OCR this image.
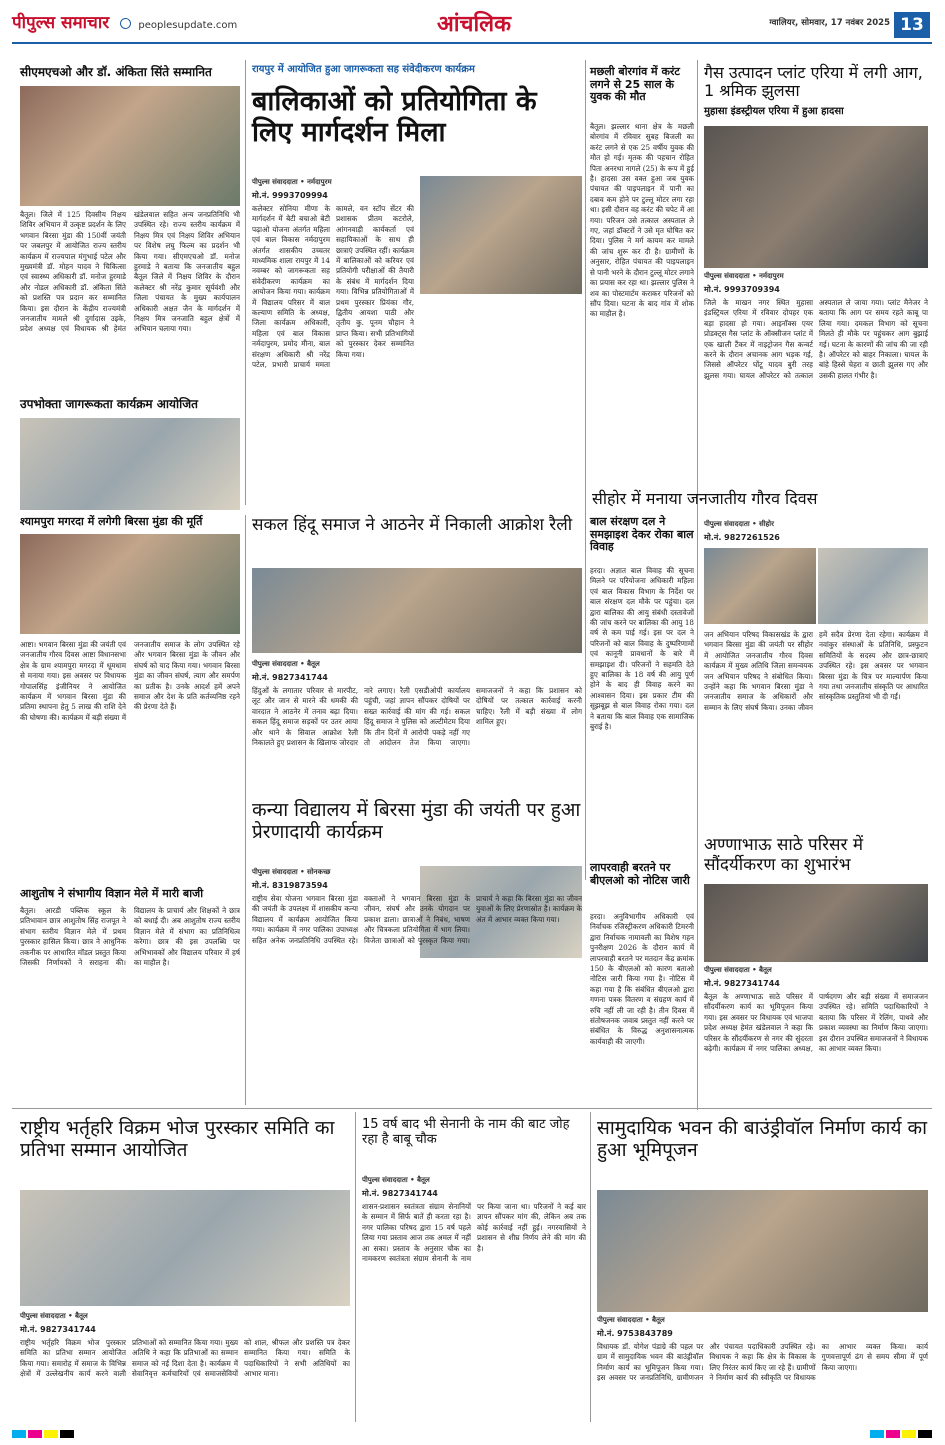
पीपुल्स समाचार	peoplesupdate.com	आंचलिक	ग्वालियर, सोमवार, 17 नवंबर 2025 13
सीएमएचओ और डॉ. अंकिता सिंते सम्मानित
बैतूल। जिले में 125 दिवसीय निक्षय शिविर अभियान में उत्कृष्ट प्रदर्शन के लिए भगवान बिरसा मुंडा की 150वीं जयंती पर जबलपुर में आयोजित राज्य स्तरीय कार्यक्रम में राज्यपाल मंगुभाई पटेल और मुख्यमंत्री डॉ. मोहन यादव ने चिकित्सा एवं स्वास्थ्य अधिकारी डॉ. मनोज हुरमाडे और नोडल अधिकारी डॉ. अंकिता सिंते को प्रशस्ति पत्र प्रदान कर सम्मानित किया। इस दौरान के केंद्रीय राज्यमंत्री जनजातीय मामले श्री दुर्गादास उइके, प्रदेश अध्यक्ष एवं विधायक श्री हेमंत खंडेलवाल सहित अन्य जनप्रतिनिधि भी उपस्थित रहे। राज्य स्तरीय कार्यक्रम में निक्षय मित्र एवं निक्षय शिविर अभियान पर विशेष लघु फिल्म का प्रदर्शन भी किया गया। सीएमएचओ डॉ. मनोज हुरमाडे ने बताया कि जनजातीय बहुल बैतूल जिले में निक्षय शिविर के दौरान कलेक्टर श्री नरेंद्र कुमार सूर्यवंशी और जिला पंचायत के मुख्य कार्यपालन अधिकारी अक्षत जैन के मार्गदर्शन में निक्षय मित्र जनजाति बहुल क्षेत्रों में अभियान चलाया गया।
उपभोक्ता जागरूकता कार्यक्रम आयोजित
रायपुर में आयोजित हुआ जागरूकता सह संवेदीकरण कार्यक्रम
बालिकाओं को प्रतियोगिता के लिए मार्गदर्शन मिला
पीपुल्स संवाददाता • नर्मदापुरम
मो.नं. 9993709994
कलेक्टर सोनिया मीणा के मार्गदर्शन में बेटी बचाओ बेटी पढ़ाओ योजना अंतर्गत महिला एवं बाल विकास नर्मदापुरम अंतर्गत शासकीय उच्चतर माध्यमिक शाला रायपुर में 14 नवम्बर को जागरूकता सह संवेदीकरण कार्यक्रम का आयोजन किया गया। कार्यक्रम में विद्यालय परिसर में बाल कल्याण समिति के अध्यक्ष, जिला कार्यक्रम अधिकारी, महिला एवं बाल विकास नर्मदापुरम, प्रमोद मीना, बाल संरक्षण अधिकारी श्री नरेंद्र पटेल, प्रभारी प्राचार्य ममता कामले, वन स्टॉप सेंटर की प्रशासक प्रीतम कटरोले, आंगनवाड़ी कार्यकर्ता एवं सहायिकाओं के साथ ही छात्राएं उपस्थित रहीं। कार्यक्रम में बालिकाओं को करियर एवं प्रतियोगी परीक्षाओं की तैयारी के संबंध में मार्गदर्शन दिया गया। विभिन्न प्रतियोगिताओं में प्रथम पुरस्कार प्रियंका गौर, द्वितीय आयशा पाठी और तृतीय कु. पूनम चौहान ने प्राप्त किया। सभी प्रतिभागियों को पुरस्कार देकर सम्मानित किया गया।
मछली बोरगांव में करंट लगने से 25 साल के युवक की मौत
बैतूल। झल्लार थाना क्षेत्र के मछली बोरगांव में रविवार सुबह बिजली का करंट लगने से एक 25 वर्षीय युवक की मौत हो गई। मृतक की पहचान रोहित पिता अनरथा नागले (25) के रूप में हुई है। हादसा उस वक्त हुआ जब युवक पंचायत की पाइपलाइन में पानी का दबाव कम होने पर टुल्लू मोटर लगा रहा था। इसी दौरान वह करंट की चपेट में आ गया। परिजन उसे तत्काल अस्पताल ले गए, जहां डॉक्टरों ने उसे मृत घोषित कर दिया। पुलिस ने मर्ग कायम कर मामले की जांच शुरू कर दी है। ग्रामीणों के अनुसार, रोहित पंचायत की पाइपलाइन से पानी भरने के दौरान टुल्लू मोटर लगाने का प्रयास कर रहा था। झल्लार पुलिस ने शव का पोस्टमार्टम कराकर परिजनों को सौंप दिया। घटना के बाद गांव में शोक का माहौल है।
गैस उत्पादन प्लांट एरिया में लगी आग, 1 श्रमिक झुलसा
मुहासा इंडस्ट्रीयल एरिया में हुआ हादसा
पीपुल्स संवाददाता • नर्मदापुरम
मो.नं. 9993709394
जिले के माखन नगर स्थित मुहासा इंडस्ट्रियल एरिया में रविवार दोपहर एक बड़ा हादसा हो गया। आइनॉक्स एयर प्रोडक्ट्स गैस प्लांट के ऑक्सीजन प्लांट में एक खाली टैंकर में नाइट्रोजन गैस कन्वर्ट करने के दौरान अचानक आग भड़क गई, जिससे ऑपरेटर घोंटू यादव बुरी तरह झुलस गया। घायल ऑपरेटर को तत्काल अस्पताल ले जाया गया। प्लांट मैनेजर ने बताया कि आग पर समय रहते काबू पा लिया गया। दमकल विभाग को सूचना मिलते ही मौके पर पहुंचकर आग बुझाई गई। घटना के कारणों की जांच की जा रही है। ऑपरेटर को बाहर निकाला। घायल के बांहे हिस्से चेहरा व छाती झुलस गए और उसकी हालत गंभीर है।
श्यामपुरा मगरदा में लगेगी बिरसा मुंडा की मूर्ति
आष्टा। भगवान बिरसा मुंडा की जयंती एवं जनजातीय गौरव दिवस आष्टा विधानसभा क्षेत्र के ग्राम श्यामपुरा मगरदा में धूमधाम से मनाया गया। इस अवसर पर विधायक गोपालसिंह इंजीनियर ने आयोजित कार्यक्रम में भगवान बिरसा मुंडा की प्रतिमा स्थापना हेतु 5 लाख की राशि देने की घोषणा की। कार्यक्रम में बड़ी संख्या में जनजातीय समाज के लोग उपस्थित रहे और भगवान बिरसा मुंडा के जीवन और संघर्ष को याद किया गया। भगवान बिरसा मुंडा का जीवन संघर्ष, त्याग और समर्पण का प्रतीक है। उनके आदर्श हमें अपने समाज और देश के प्रति कर्तव्यनिष्ठ रहने की प्रेरणा देते हैं।
आशुतोष ने संभागीय विज्ञान मेले में मारी बाजी
बैतूल। आरडी पब्लिक स्कूल के प्रतिभावान छात्र आशुतोष सिंह राजपूत ने संभाग स्तरीय विज्ञान मेले में प्रथम पुरस्कार हासिल किया। छात्र ने आधुनिक तकनीक पर आधारित मॉडल प्रस्तुत किया जिसकी निर्णायकों ने सराहना की। विद्यालय के प्राचार्य और शिक्षकों ने छात्र को बधाई दी। अब आशुतोष राज्य स्तरीय विज्ञान मेले में संभाग का प्रतिनिधित्व करेगा। छात्र की इस उपलब्धि पर अभिभावकों और विद्यालय परिवार में हर्ष का माहौल है।
सकल हिंदू समाज ने आठनेर में निकाली आक्रोश रैली
पीपुल्स संवाददाता • बैतूल
मो.नं. 9827341744
हिंदुओं के लगातार परिवार से मारपीट, लूट और जान से मारने की धमकी की वारदात ने आठनेर में तनाव बढ़ा दिया। सकल हिंदू समाज सड़कों पर उतर आया और थाने के सिवाल आक्रोश रैली निकालते हुए प्रशासन के खिलाफ जोरदार नारे लगाए। रैली एसडीओपी कार्यालय पहुंची, जहां ज्ञापन सौंपकर दोषियों पर सख्त कार्रवाई की मांग की गई। सकल हिंदू समाज ने पुलिस को अल्टीमेटम दिया कि तीन दिनों में आरोपी पकड़े नहीं गए तो आंदोलन तेज किया जाएगा। समाजजनों ने कहा कि प्रशासन को दोषियों पर तत्काल कार्रवाई करनी चाहिए। रैली में बड़ी संख्या में लोग शामिल हुए।
कन्या विद्यालय में बिरसा मुंडा की जयंती पर हुआ प्रेरणादायी कार्यक्रम
पीपुल्स संवाददाता • सोनकच्छ
मो.नं. 8319873594
राष्ट्रीय सेवा योजना भगवान बिरसा मुंडा की जयंती के उपलक्ष्य में शासकीय कन्या विद्यालय में कार्यक्रम आयोजित किया गया। कार्यक्रम में नगर पालिका उपाध्यक्ष सहित अनेक जनप्रतिनिधि उपस्थित रहे। वक्ताओं ने भगवान बिरसा मुंडा के जीवन, संघर्ष और उनके योगदान पर प्रकाश डाला। छात्राओं ने निबंध, भाषण और चित्रकला प्रतियोगिता में भाग लिया। विजेता छात्राओं को पुरस्कृत किया गया। प्राचार्य ने कहा कि बिरसा मुंडा का जीवन युवाओं के लिए प्रेरणास्रोत है। कार्यक्रम के अंत में आभार व्यक्त किया गया।
बाल संरक्षण दल ने समझाइश देकर रोका बाल विवाह
हरदा। अज्ञात बाल विवाह की सूचना मिलने पर परियोजना अधिकारी महिला एवं बाल विकास विभाग के निर्देश पर बाल संरक्षण दल मौके पर पहुंचा। दल द्वारा बालिका की आयु संबंधी दस्तावेजों की जांच करने पर बालिका की आयु 18 वर्ष से कम पाई गई। इस पर दल ने परिजनों को बाल विवाह के दुष्परिणामों एवं कानूनी प्रावधानों के बारे में समझाइश दी। परिजनों ने सहमति देते हुए बालिका के 18 वर्ष की आयु पूर्ण होने के बाद ही विवाह करने का आश्वासन दिया। इस प्रकार टीम की सूझबूझ से बाल विवाह रोका गया। दल ने बताया कि बाल विवाह एक सामाजिक बुराई है।
सीहोर में मनाया जनजातीय गौरव दिवस
पीपुल्स संवाददाता • सीहोर
मो.नं. 9827261526
जन अभियान परिषद विकासखंड के द्वारा भगवान बिरसा मुंडा की जयंती पर सीहोर में आयोजित जनजातीय गौरव दिवस कार्यक्रम में मुख्य अतिथि जिला समन्वयक जन अभियान परिषद ने संबोधित किया। उन्होंने कहा कि भगवान बिरसा मुंडा ने जनजातीय समाज के अधिकारों और सम्मान के लिए संघर्ष किया। उनका जीवन हमें सदैव प्रेरणा देता रहेगा। कार्यक्रम में नवांकुर संस्थाओं के प्रतिनिधि, प्रस्फुटन समितियों के सदस्य और छात्र-छात्राएं उपस्थित रहे। इस अवसर पर भगवान बिरसा मुंडा के चित्र पर माल्यार्पण किया गया तथा जनजातीय संस्कृति पर आधारित सांस्कृतिक प्रस्तुतियां भी दी गईं।
लापरवाही बरतने पर बीएलओ को नोटिस जारी
हरदा। अनुविभागीय अधिकारी एवं निर्वाचक रजिस्ट्रीकरण अधिकारी टिमरनी द्वारा निर्वाचक नामावली का विशेष गहन पुनरीक्षण 2026 के दौरान कार्य में लापरवाही बरतने पर मतदान केंद्र क्रमांक 150 के बीएलओ को कारण बताओ नोटिस जारी किया गया है। नोटिस में कहा गया है कि संबंधित बीएलओ द्वारा गणना पत्रक वितरण व संग्रहण कार्य में रुचि नहीं ली जा रही है। तीन दिवस में संतोषजनक जवाब प्रस्तुत नहीं करने पर संबंधित के विरुद्ध अनुशासनात्मक कार्यवाही की जाएगी।
अण्णाभाऊ साठे परिसर में सौंदर्यीकरण का शुभारंभ
पीपुल्स संवाददाता • बैतूल
मो.नं. 9827341744
बैतूल के अण्णाभाऊ साठे परिसर में सौंदर्यीकरण कार्य का भूमिपूजन किया गया। इस अवसर पर विधायक एवं भाजपा प्रदेश अध्यक्ष हेमंत खंडेलवाल ने कहा कि परिसर के सौंदर्यीकरण से नगर की सुंदरता बढ़ेगी। कार्यक्रम में नगर पालिका अध्यक्ष, पार्षदगण और बड़ी संख्या में समाजजन उपस्थित रहे। समिति पदाधिकारियों ने बताया कि परिसर में रेलिंग, पाथवे और प्रकाश व्यवस्था का निर्माण किया जाएगा। इस दौरान उपस्थित समाजजनों ने विधायक का आभार व्यक्त किया।
राष्ट्रीय भर्तृहरि विक्रम भोज पुरस्कार समिति का प्रतिभा सम्मान आयोजित
पीपुल्स संवाददाता • बैतूल
मो.नं. 9827341744
राष्ट्रीय भर्तृहरि विक्रम भोज पुरस्कार समिति का प्रतिभा सम्मान आयोजित किया गया। समारोह में समाज के विभिन्न क्षेत्रों में उल्लेखनीय कार्य करने वाली प्रतिभाओं को सम्मानित किया गया। मुख्य अतिथि ने कहा कि प्रतिभाओं का सम्मान समाज को नई दिशा देता है। कार्यक्रम में सेवानिवृत्त कर्मचारियों एवं समाजसेवियों को शाल, श्रीफल और प्रशस्ति पत्र देकर सम्मानित किया गया। समिति के पदाधिकारियों ने सभी अतिथियों का आभार माना।
15 वर्ष बाद भी सेनानी के नाम की बाट जोह रहा है बाबू चौक
पीपुल्स संवाददाता • बैतूल
मो.नं. 9827341744
शासन-प्रशासन स्वतंत्रता संग्राम सेनानियों के सम्मान में सिर्फ बातें ही करता रहा है। नगर पालिका परिषद द्वारा 15 वर्ष पहले लिया गया प्रस्ताव आज तक अमल में नहीं आ सका। प्रस्ताव के अनुसार चौक का नामकरण स्वतंत्रता संग्राम सेनानी के नाम पर किया जाना था। परिजनों ने कई बार ज्ञापन सौंपकर मांग की, लेकिन अब तक कोई कार्रवाई नहीं हुई। नगरवासियों ने प्रशासन से शीघ्र निर्णय लेने की मांग की है।
सामुदायिक भवन की बाउंड्रीवॉल निर्माण कार्य का हुआ भूमिपूजन
पीपुल्स संवाददाता • बैतूल
मो.नं. 9753843789
विधायक डॉ. योगेश पंडाग्रे की पहल पर ग्राम में सामुदायिक भवन की बाउंड्रीवॉल निर्माण कार्य का भूमिपूजन किया गया। इस अवसर पर जनप्रतिनिधि, ग्रामीणजन और पंचायत पदाधिकारी उपस्थित रहे। विधायक ने कहा कि क्षेत्र के विकास के लिए निरंतर कार्य किए जा रहे हैं। ग्रामीणों ने निर्माण कार्य की स्वीकृति पर विधायक का आभार व्यक्त किया। कार्य गुणवत्तापूर्ण ढंग से समय सीमा में पूर्ण किया जाएगा।
